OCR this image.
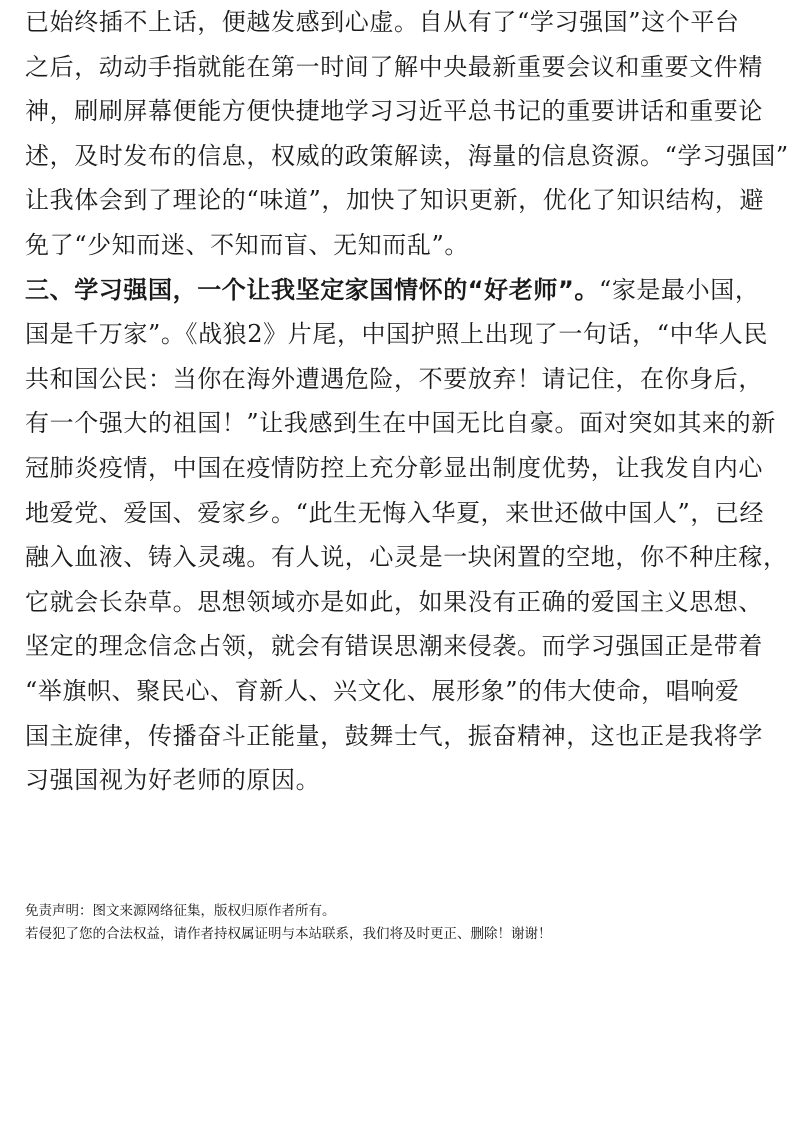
已始终插不上话，便越发感到心虚。自从有了“学习强国”这个平台
之后，动动手指就能在第一时间了解中央最新重要会议和重要文件精
神，刷刷屏幕便能方便快捷地学习习近平总书记的重要讲话和重要论
述，及时发布的信息，权威的政策解读，海量的信息资源。“学习强国”
让我体会到了理论的“味道”，加快了知识更新，优化了知识结构，避
免了“少知而迷、不知而盲、无知而乱”。
三、学习强国，一个让我坚定家国情怀的“好老师”。“家是最小国，
国是千万家”。《战狼2》片尾，中国护照上出现了一句话，“中华人民
共和国公民：当你在海外遭遇危险，不要放弃！请记住，在你身后，
有一个强大的祖国！”让我感到生在中国无比自豪。面对突如其来的新
冠肺炎疫情，中国在疫情防控上充分彰显出制度优势，让我发自内心
地爱党、爱国、爱家乡。“此生无悔入华夏，来世还做中国人”，已经
融入血液、铸入灵魂。有人说，心灵是一块闲置的空地，你不种庄稼，
它就会长杂草。思想领域亦是如此，如果没有正确的爱国主义思想、
坚定的理念信念占领，就会有错误思潮来侵袭。而学习强国正是带着
“举旗帜、聚民心、育新人、兴文化、展形象”的伟大使命，唱响爱
国主旋律，传播奋斗正能量，鼓舞士气，振奋精神，这也正是我将学
习强国视为好老师的原因。
免责声明：图文来源网络征集，版权归原作者所有。
若侵犯了您的合法权益，请作者持权属证明与本站联系，我们将及时更正、删除！谢谢！
